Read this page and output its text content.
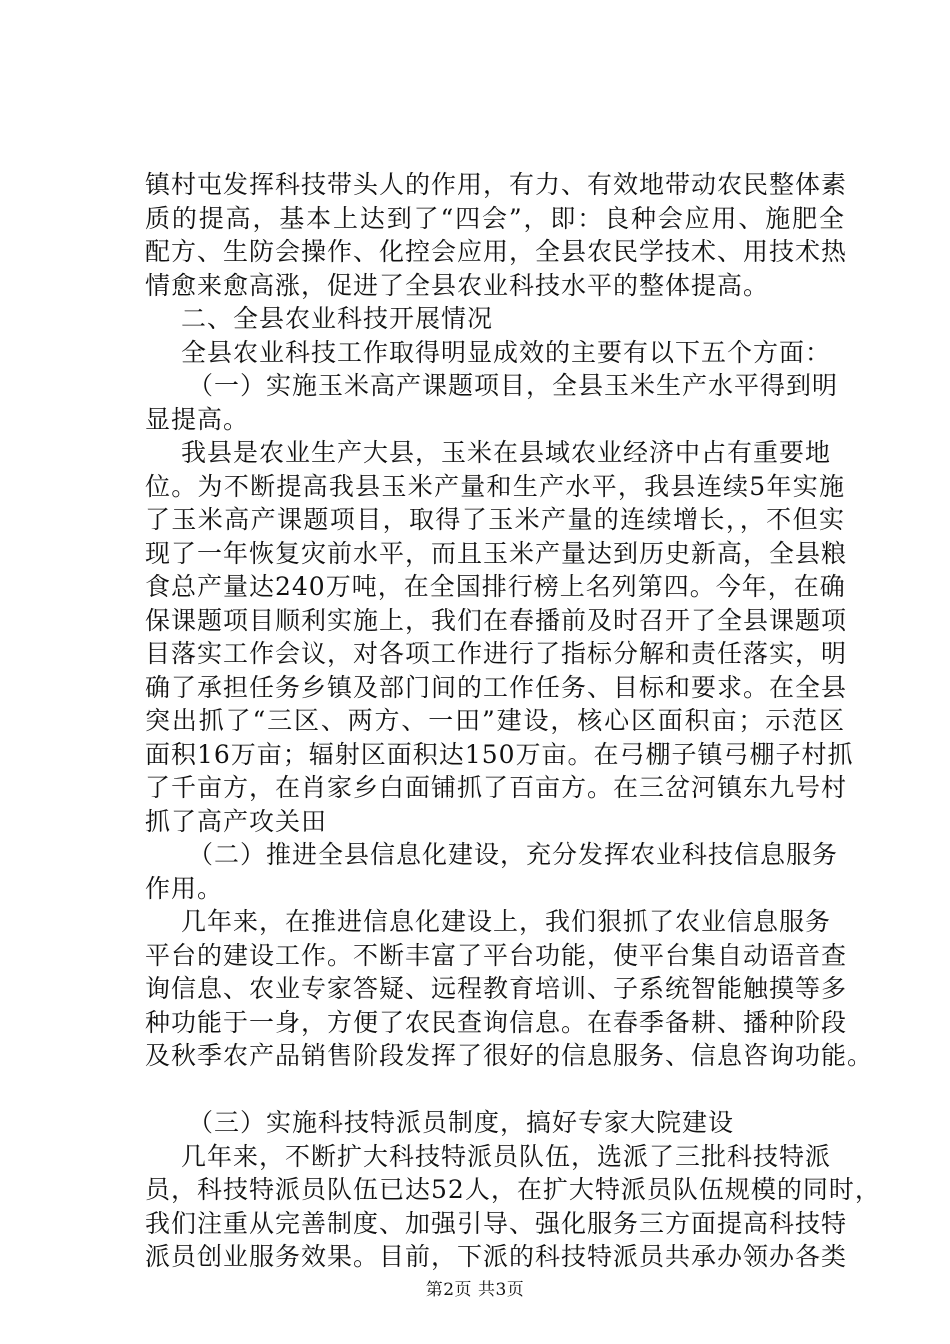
镇村屯发挥科技带头人的作用，有力、有效地带动农民整体素
质的提高，基本上达到了“四会”，即：良种会应用、施肥全
配方、生防会操作、化控会应用，全县农民学技术、用技术热
情愈来愈高涨，促进了全县农业科技水平的整体提高。
二、全县农业科技开展情况
全县农业科技工作取得明显成效的主要有以下五个方面：
（一）实施玉米高产课题项目，全县玉米生产水平得到明
显提高。
我县是农业生产大县，玉米在县域农业经济中占有重要地
位。为不断提高我县玉米产量和生产水平，我县连续5年实施
了玉米高产课题项目，取得了玉米产量的连续增长，，不但实
现了一年恢复灾前水平，而且玉米产量达到历史新高，全县粮
食总产量达240万吨，在全国排行榜上名列第四。今年，在确
保课题项目顺利实施上，我们在春播前及时召开了全县课题项
目落实工作会议，对各项工作进行了指标分解和责任落实，明
确了承担任务乡镇及部门间的工作任务、目标和要求。在全县
突出抓了“三区、两方、一田”建设，核心区面积亩；示范区
面积16万亩；辐射区面积达150万亩。在弓棚子镇弓棚子村抓
了千亩方，在肖家乡白面铺抓了百亩方。在三岔河镇东九号村
抓了高产攻关田
（二）推进全县信息化建设，充分发挥农业科技信息服务
作用。
几年来，在推进信息化建设上，我们狠抓了农业信息服务
平台的建设工作。不断丰富了平台功能，使平台集自动语音查
询信息、农业专家答疑、远程教育培训、子系统智能触摸等多
种功能于一身，方便了农民查询信息。在春季备耕、播种阶段
及秋季农产品销售阶段发挥了很好的信息服务、信息咨询功能。
（三）实施科技特派员制度，搞好专家大院建设
几年来，不断扩大科技特派员队伍，选派了三批科技特派
员，科技特派员队伍已达52人，在扩大特派员队伍规模的同时，
我们注重从完善制度、加强引导、强化服务三方面提高科技特
派员创业服务效果。目前，下派的科技特派员共承办领办各类
第2页 共3页
